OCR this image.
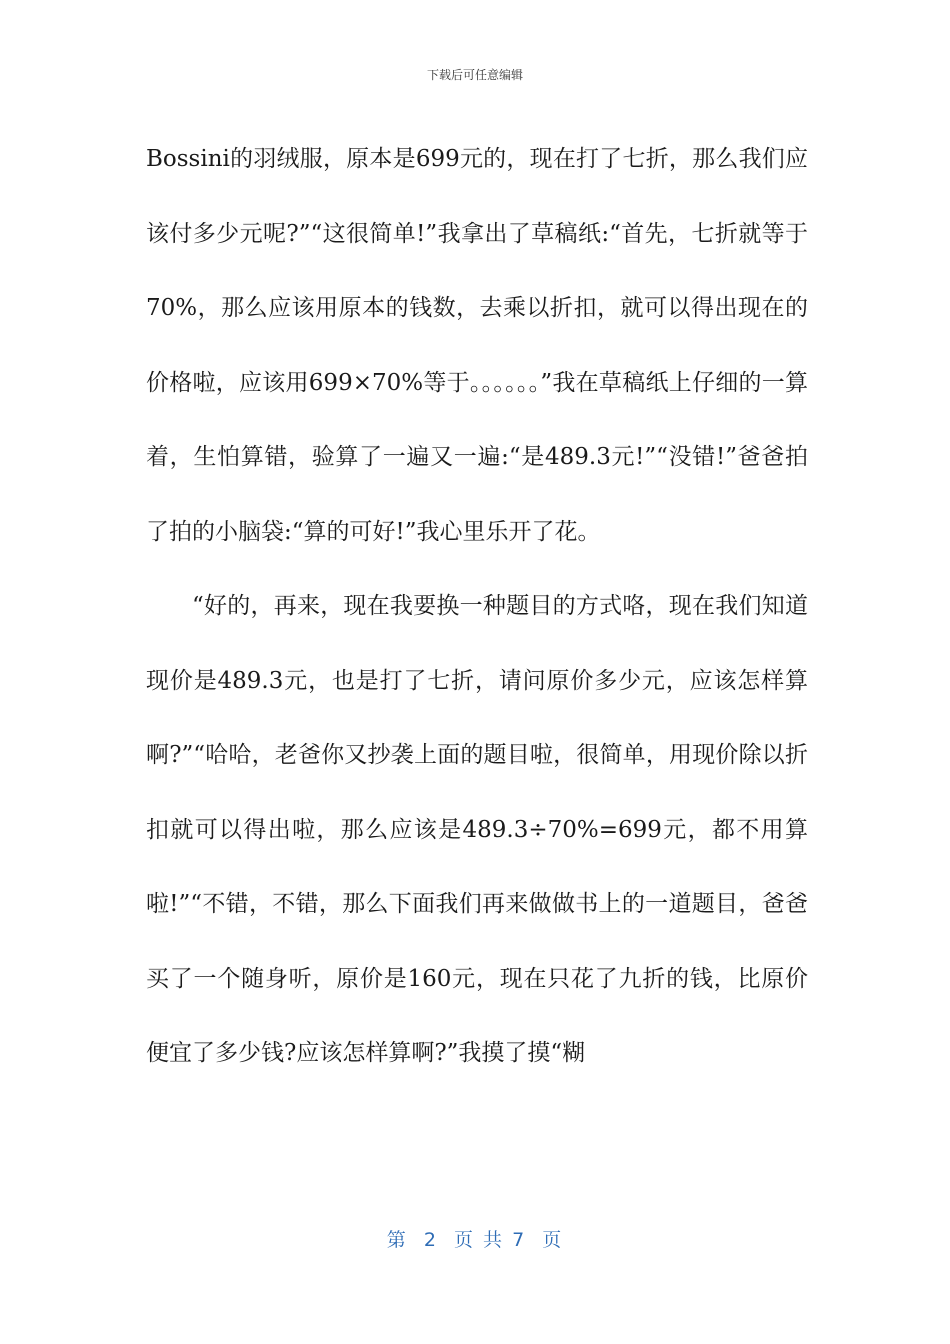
下载后可任意编辑

Bossini的羽绒服，原本是699元的，现在打了七折，那么我们应该付多少元呢?”“这很简单!”我拿出了草稿纸:“首先，七折就等于70%，那么应该用原本的钱数，去乘以折扣，就可以得出现在的价格啦，应该用699×70%等于。。。。。。”我在草稿纸上仔细的一算着，生怕算错，验算了一遍又一遍:“是489.3元!”“没错!”爸爸拍了拍的小脑袋:“算的可好!”我心里乐开了花。

“好的，再来，现在我要换一种题目的方式咯，现在我们知道现价是489.3元，也是打了七折，请问原价多少元，应该怎样算啊?”“哈哈，老爸你又抄袭上面的题目啦，很简单，用现价除以折扣就可以得出啦，那么应该是489.3÷70%=699元，都不用算啦!”“不错，不错，那么下面我们再来做做书上的一道题目，爸爸买了一个随身听，原价是160元，现在只花了九折的钱，比原价便宜了多少钱?应该怎样算啊?”我摸了摸“糊

第  2  页 共 7  页
